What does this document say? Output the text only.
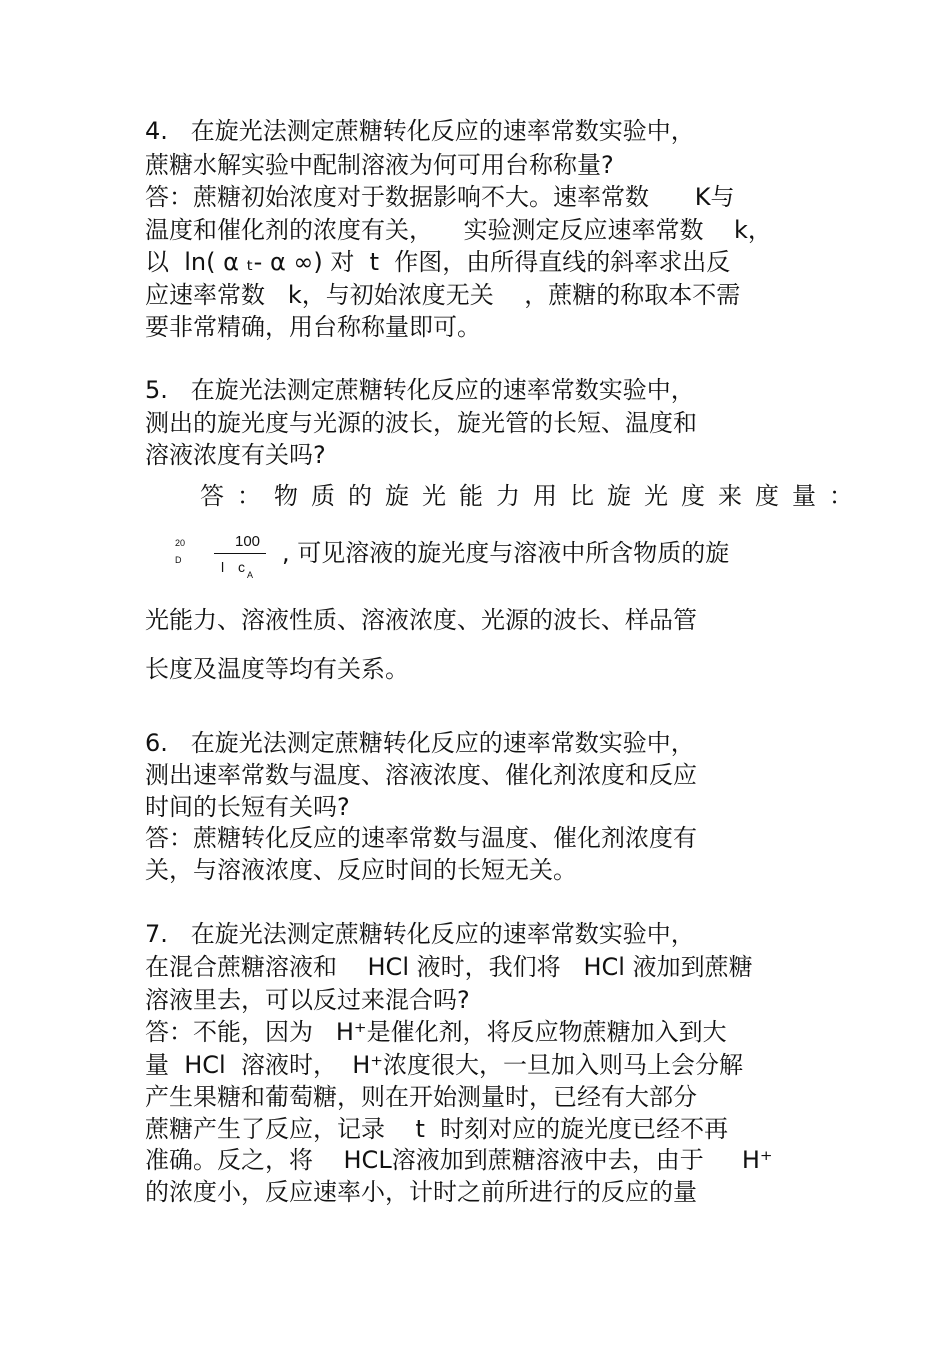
4.   在旋光法测定蔗糖转化反应的速率常数实验中，
蔗糖水解实验中配制溶液为何可用台称称量?
答：蔗糖初始浓度对于数据影响不大。速率常数      K与
温度和催化剂的浓度有关，    实验测定反应速率常数    k，
以  ln( α ₜ- α ∞) 对  t  作图，由所得直线的斜率求出反
应速率常数   k，与初始浓度无关    ，蔗糖的称取本不需
要非常精确，用台称称量即可。
5.   在旋光法测定蔗糖转化反应的速率常数实验中，
测出的旋光度与光源的波长，旋光管的长短、温度和
溶液浓度有关吗?
答：物质的旋光能力用比旋光度来度量：
20
D
100
l c A
, 可见溶液的旋光度与溶液中所含物质的旋
光能力、溶液性质、溶液浓度、光源的波长、样品管
长度及温度等均有关系。
6.   在旋光法测定蔗糖转化反应的速率常数实验中，
测出速率常数与温度、溶液浓度、催化剂浓度和反应
时间的长短有关吗?
答：蔗糖转化反应的速率常数与温度、催化剂浓度有
关，与溶液浓度、反应时间的长短无关。
7.   在旋光法测定蔗糖转化反应的速率常数实验中，
在混合蔗糖溶液和    HCl 液时，我们将   HCl 液加到蔗糖
溶液里去，可以反过来混合吗?
答：不能，因为   H⁺是催化剂，将反应物蔗糖加入到大
量  HCl  溶液时，  H⁺浓度很大，一旦加入则马上会分解
产生果糖和葡萄糖，则在开始测量时，已经有大部分
蔗糖产生了反应，记录    t  时刻对应的旋光度已经不再
准确。反之，将    HCL溶液加到蔗糖溶液中去，由于     H⁺
的浓度小，反应速率小，计时之前所进行的反应的量
